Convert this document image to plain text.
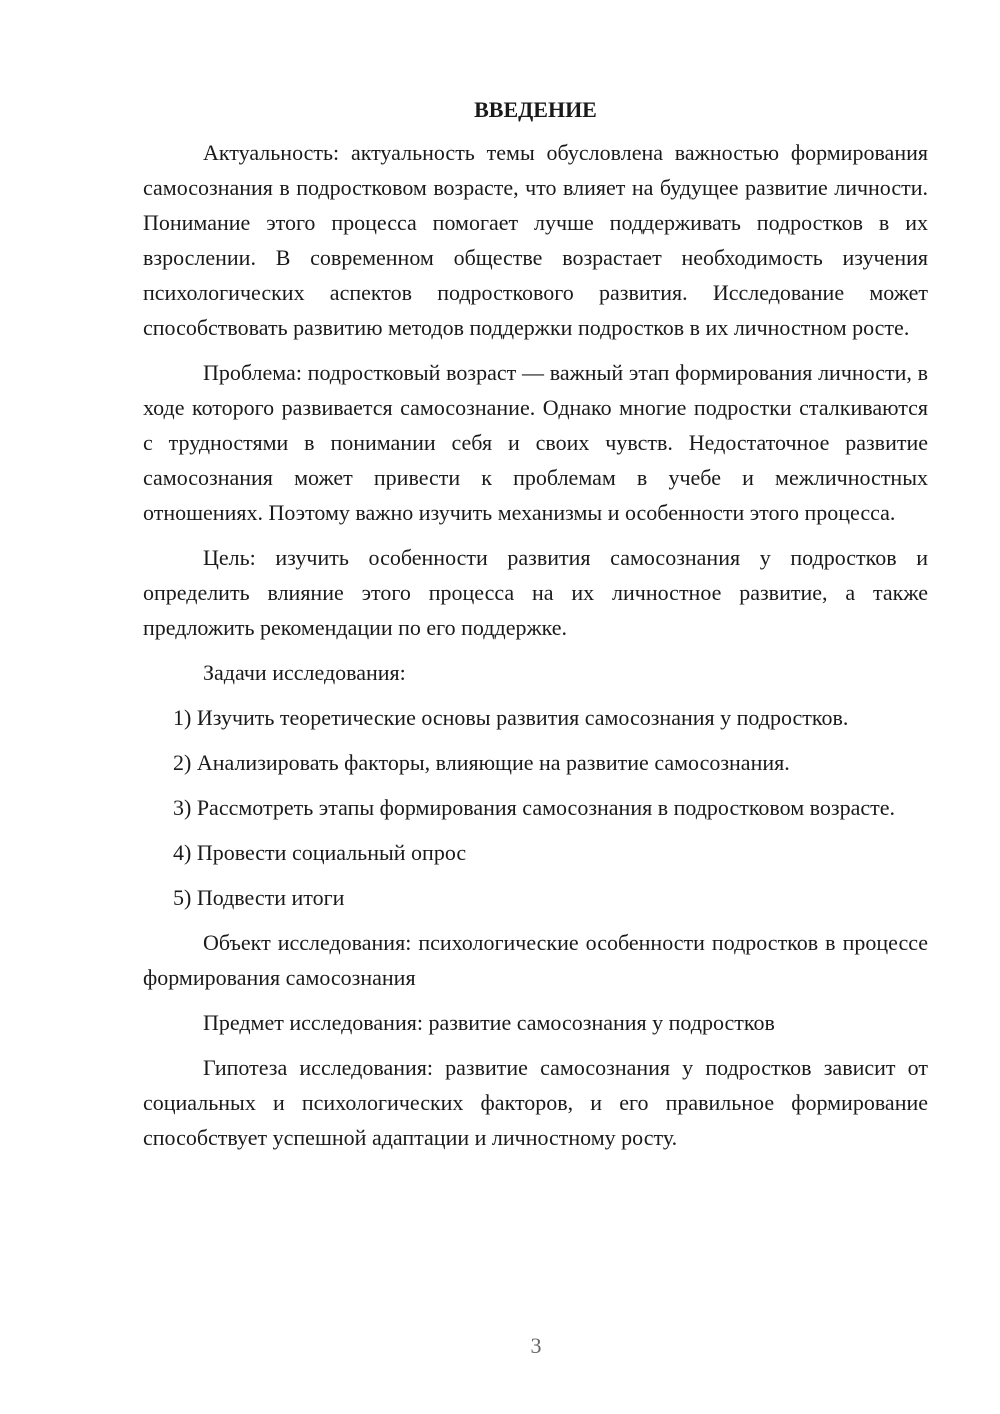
ВВЕДЕНИЕ

Актуальность: актуальность темы обусловлена важностью формирования самосознания в подростковом возрасте, что влияет на будущее развитие личности. Понимание этого процесса помогает лучше поддерживать подростков в их взрослении. В современном обществе возрастает необходимость изучения психологических аспектов подросткового развития. Исследование может способствовать развитию методов поддержки подростков в их личностном росте.

Проблема: подростковый возраст — важный этап формирования личности, в ходе которого развивается самосознание. Однако многие подростки сталкиваются с трудностями в понимании себя и своих чувств. Недостаточное развитие самосознания может привести к проблемам в учебе и межличностных отношениях. Поэтому важно изучить механизмы и особенности этого процесса.

Цель: изучить особенности развития самосознания у подростков и определить влияние этого процесса на их личностное развитие, а также предложить рекомендации по его поддержке.

Задачи исследования:

1) Изучить теоретические основы развития самосознания у подростков.

2) Анализировать факторы, влияющие на развитие самосознания.

3) Рассмотреть этапы формирования самосознания в подростковом возрасте.

4) Провести социальный опрос

5) Подвести итоги

Объект исследования: психологические особенности подростков в процессе формирования самосознания

Предмет исследования: развитие самосознания у подростков

Гипотеза исследования: развитие самосознания у подростков зависит от социальных и психологических факторов, и его правильное формирование способствует успешной адаптации и личностному росту.

3
